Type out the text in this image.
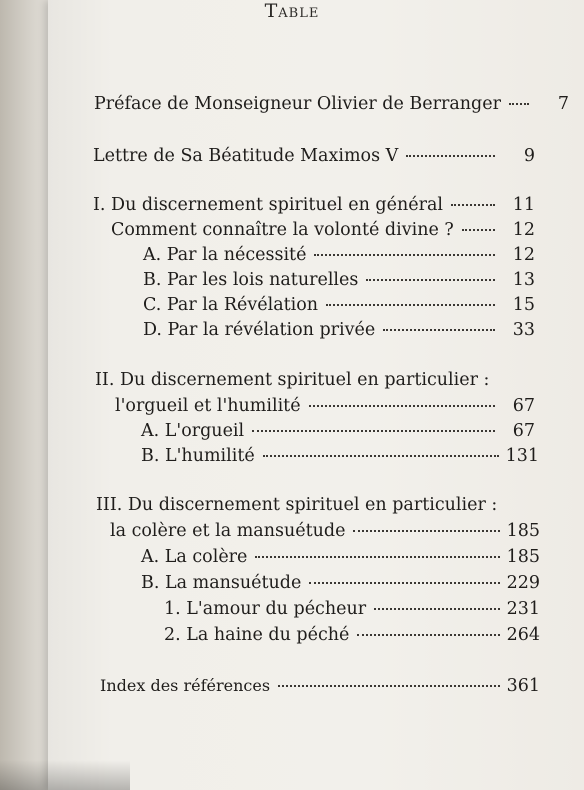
Table
Préface de Monseigneur Olivier de Berranger	7
Lettre de Sa Béatitude Maximos V	9
I. Du discernement spirituel en général	11
Comment connaître la volonté divine ?	12
A. Par la nécessité	12
B. Par les lois naturelles	13
C. Par la Révélation	15
D. Par la révélation privée	33
II. Du discernement spirituel en particulier :
l'orgueil et l'humilité	67
A. L'orgueil	67
B. L'humilité	131
III. Du discernement spirituel en particulier :
la colère et la mansuétude	185
A. La colère	185
B. La mansuétude	229
1. L'amour du pécheur	231
2. La haine du péché	264
Index des références	361
